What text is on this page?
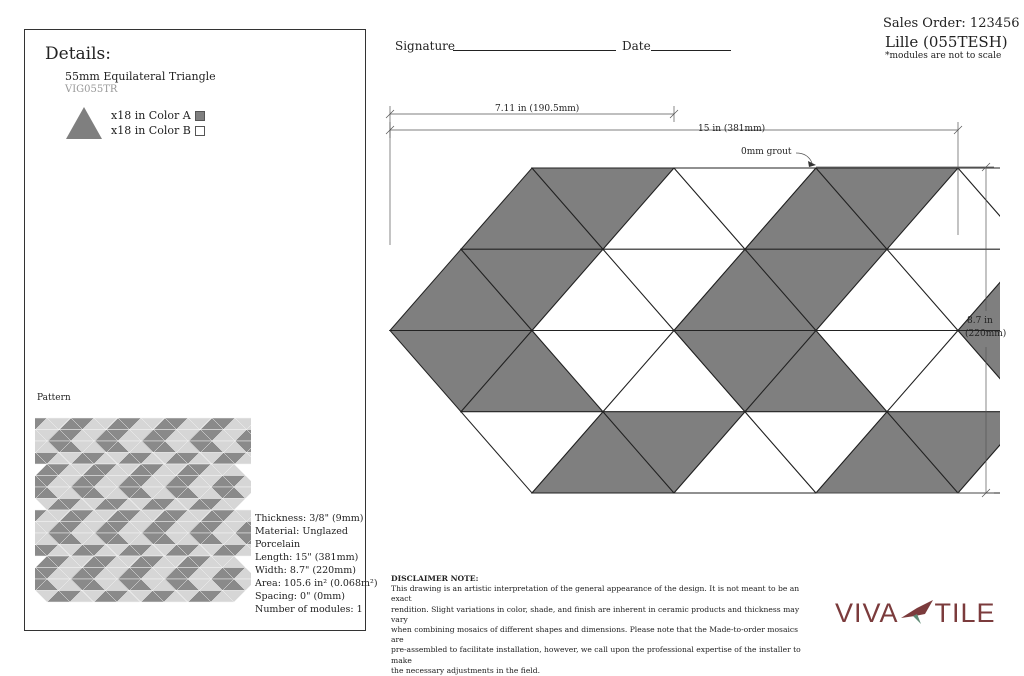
Details:
55mm Equilateral Triangle
VIG055TR
x18 in Color A
x18 in Color B
Pattern
Thickness: 3/8" (9mm)
Material: Unglazed
Porcelain
Length: 15" (381mm)
Width: 8.7" (220mm)
Area: 105.6 in² (0.068m²)
Spacing: 0" (0mm)
Number of modules: 1
Signature	Date
Sales Order: 123456
Lille (055TESH)
*modules are not to scale
7.11 in (190.5mm)
15 in (381mm)
0mm grout
8.7 in
(220mm)
DISCLAIMER NOTE:
This drawing is an artistic interpretation of the general appearance of the design. It is not meant to be an exact
rendition. Slight variations in color, shade, and finish are inherent in ceramic products and thickness may vary
when combining mosaics of different shapes and dimensions. Please note that the Made-to-order mosaics are
pre-assembled to facilitate installation, however, we call upon the professional expertise of the installer to make
the necessary adjustments in the field.
VIVA TILE
